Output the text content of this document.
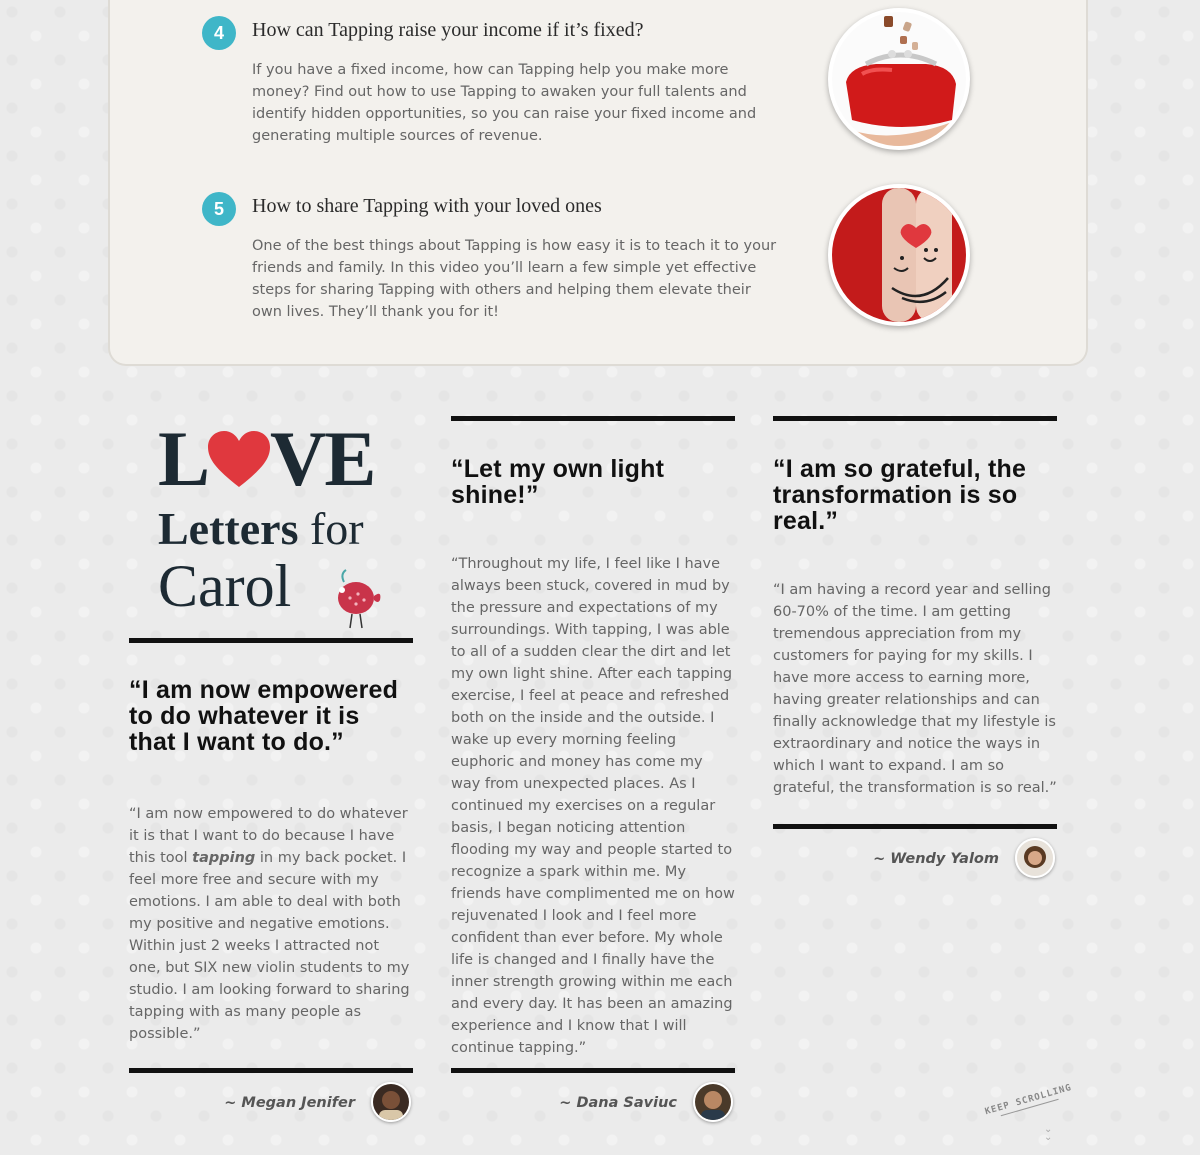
4	How can Tapping raise your income if it’s fixed?
If you have a fixed income, how can Tapping help you make more money? Find out how to use Tapping to awaken your full talents and identify hidden opportunities, so you can raise your fixed income and generating multiple sources of revenue.
5	How to share Tapping with your loved ones
One of the best things about Tapping is how easy it is to teach it to your friends and family. In this video you’ll learn a few simple yet effective steps for sharing Tapping with others and helping them elevate their own lives. They’ll thank you for it!
L VE
Letters for
Carol

“I am now empowered to do whatever it is that I want to do.”

“I am now empowered to do whatever it is that I want to do because I have this tool tapping in my back pocket. I feel more free and secure with my emotions. I am able to deal with both my positive and negative emotions. Within just 2 weeks I attracted not one, but SIX new violin students to my studio. I am looking forward to sharing tapping with as many people as possible.”

~ Megan Jenifer

“Let my own light shine!”

“Throughout my life, I feel like I have always been stuck, covered in mud by the pressure and expectations of my surroundings. With tapping, I was able to all of a sudden clear the dirt and let my own light shine. After each tapping exercise, I feel at peace and refreshed both on the inside and the outside. I wake up every morning feeling euphoric and money has come my way from unexpected places. As I continued my exercises on a regular basis, I began noticing attention flooding my way and people started to recognize a spark within me. My friends have complimented me on how rejuvenated I look and I feel more confident than ever before. My whole life is changed and I finally have the inner strength growing within me each and every day. It has been an amazing experience and I know that I will continue tapping.”

~ Dana Saviuc

“I am so grateful, the transformation is so real.”

“I am having a record year and selling 60-70% of the time. I am getting tremendous appreciation from my customers for paying for my skills. I have more access to earning more, having greater relationships and can finally acknowledge that my lifestyle is extraordinary and notice the ways in which I want to expand. I am so grateful, the transformation is so real.”

~ Wendy Yalom
KEEP SCROLLING
⌄
⌄
